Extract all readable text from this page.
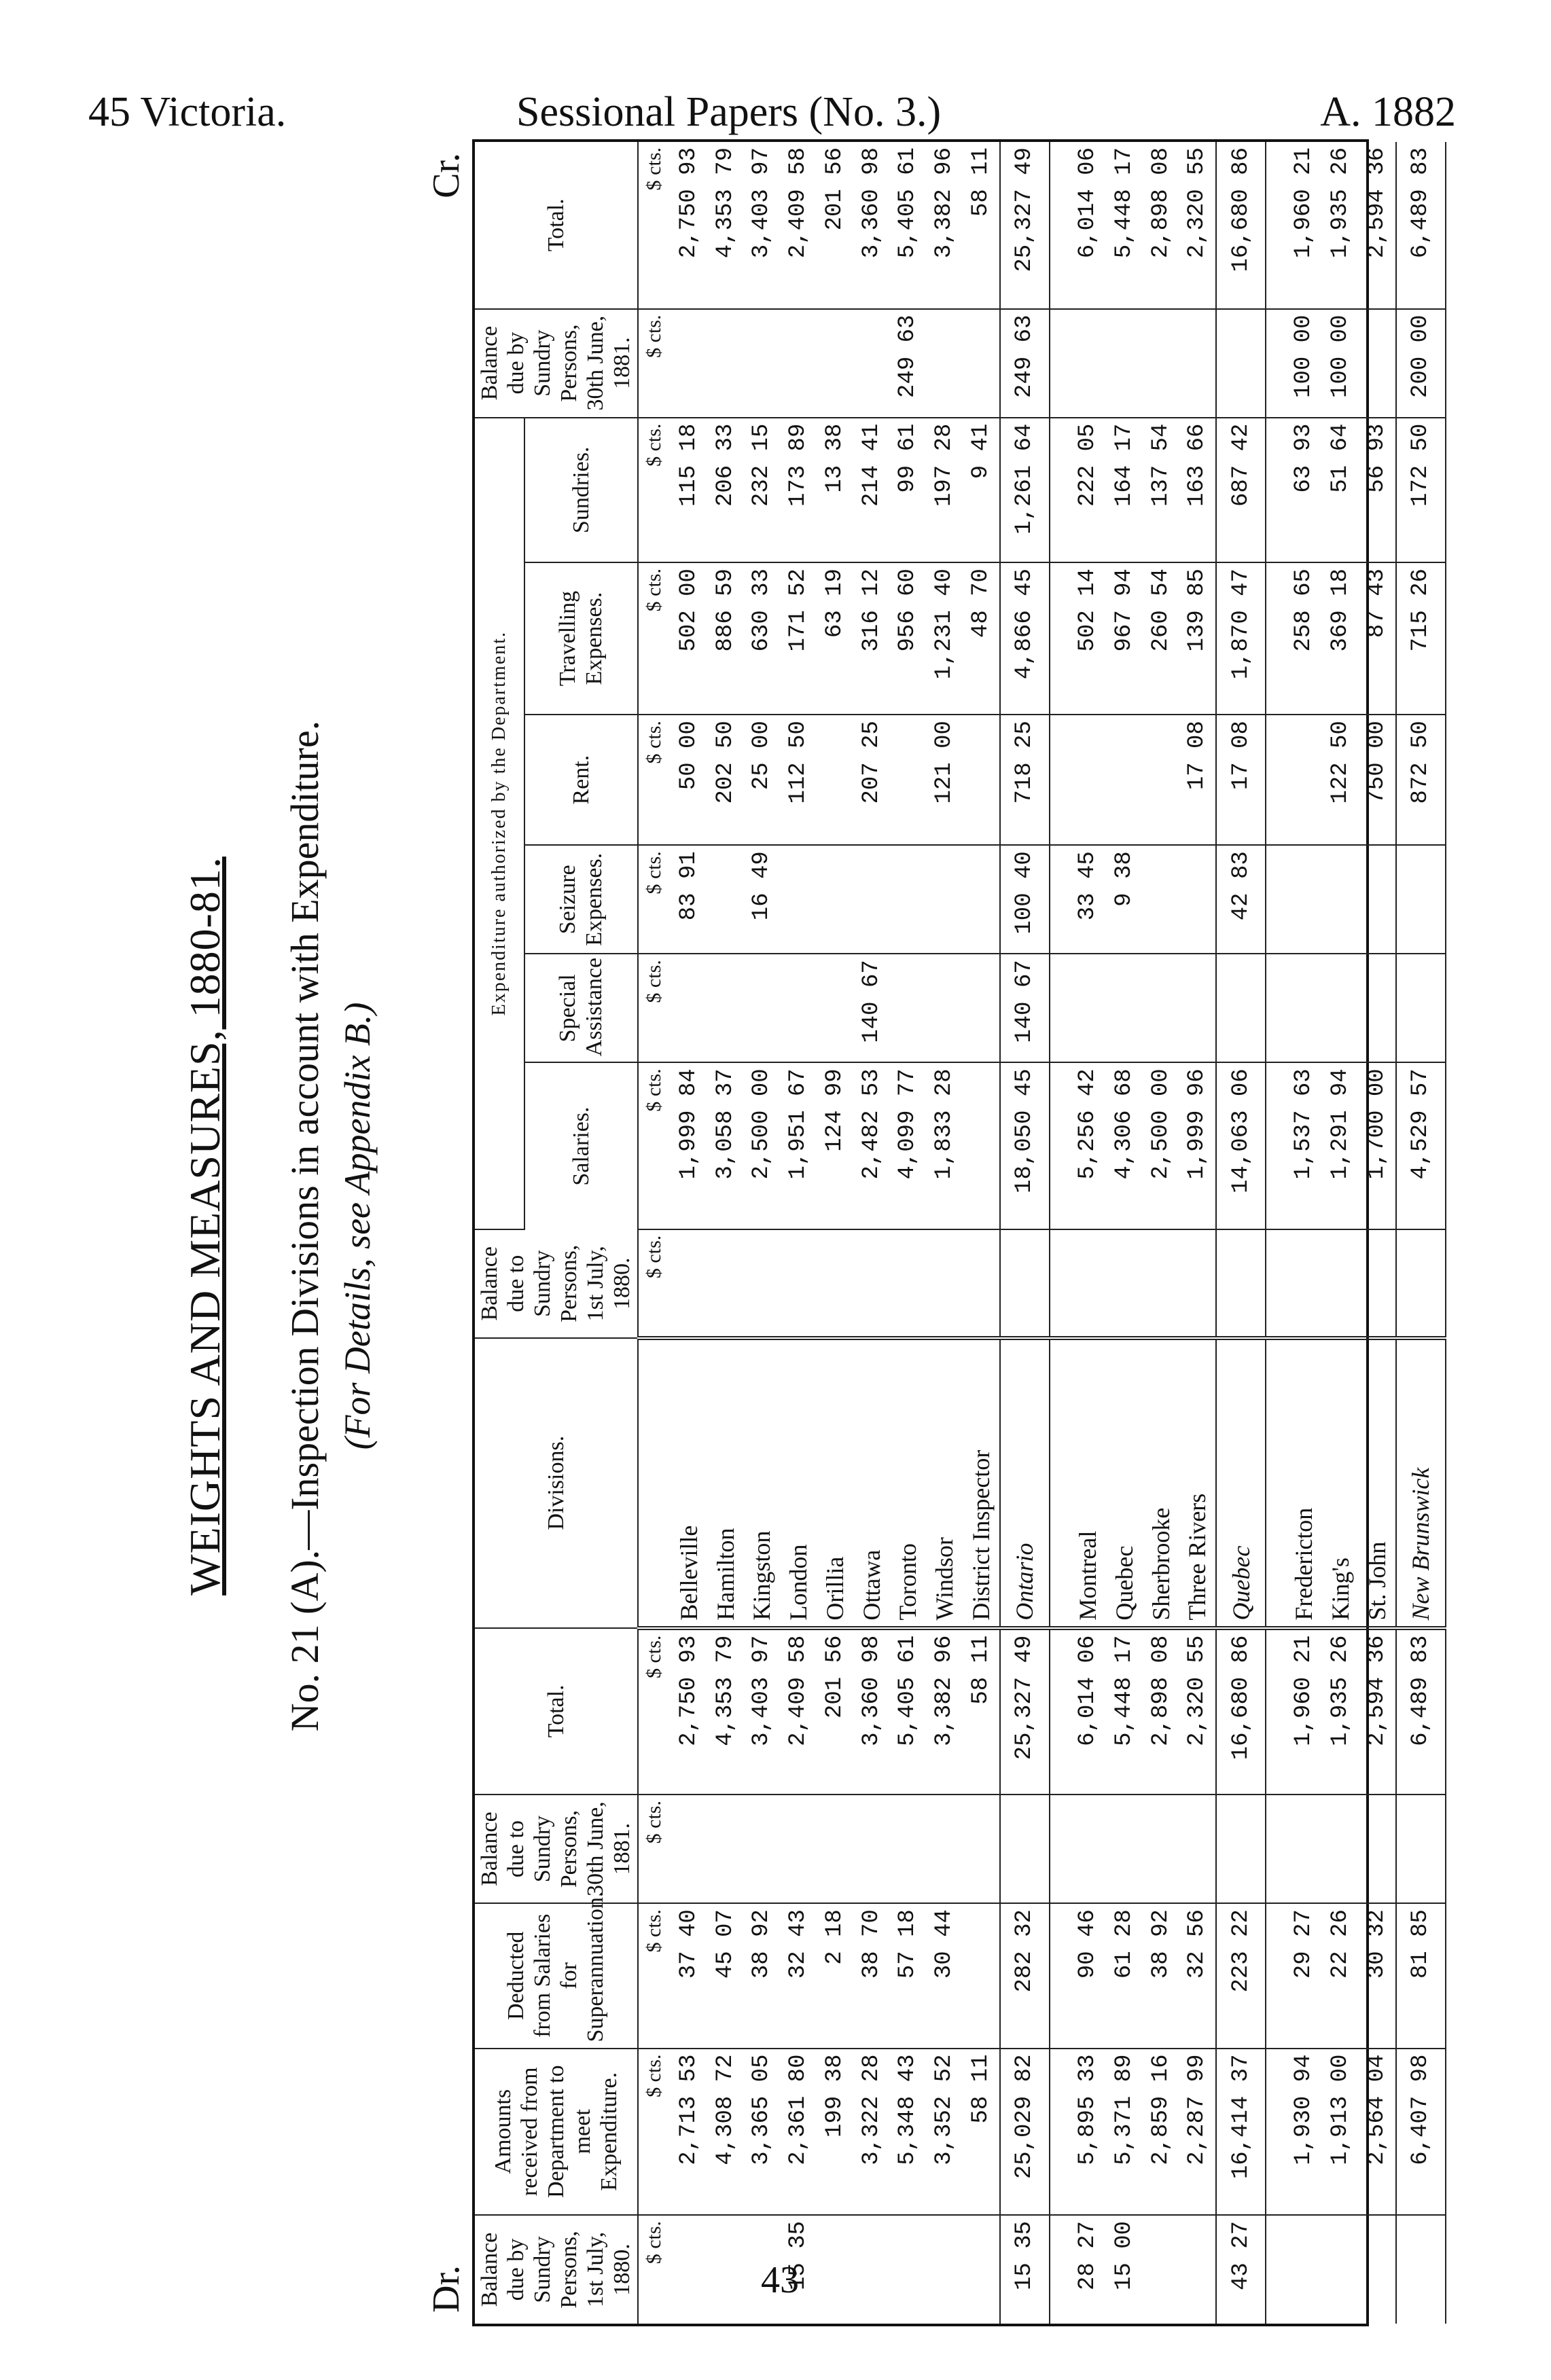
45 Victoria.	Sessional Papers (No. 3.)	A. 1882
WEIGHTS AND MEASURES, 1880-81. No. 21 (A).—Inspection Divisions in account with Expenditure. (For Details, see Appendix B.)
Dr.
Cr.
Balance due by Sundry Persons, 1st July, 1880.	Amounts received from Department to meet Expenditure.	Deducted from Salaries for Superannuation.	Balance due to Sundry Persons, 30th June, 1881.	Total.	Divisions.	Balance due to Sundry Persons, 1st July, 1880.	Expenditure authorized by the Department.						Balance due by Sundry Persons, 30th June, 1881.	Total.
							Salaries.	Special Assistance	Seizure Expenses.	Rent.	Travelling Expenses.	Sundries.		
$ cts.	$ cts.	$ cts.	$ cts.	$ cts.		$ cts.	$ cts.	$ cts.	$ cts.	$ cts.	$ cts.	$ cts.	$ cts.	$ cts.
	2,713 53	37 40		2,750 93	Belleville		1,999 84		83 91	50 00	502 00	115 18		2,750 93
	4,308 72	45 07		4,353 79	Hamilton		3,058 37			202 50	886 59	206 33		4,353 79
	3,365 05	38 92		3,403 97	Kingston		2,500 00		16 49	25 00	630 33	232 15		3,403 97
15 35	2,361 80	32 43		2,409 58	London		1,951 67			112 50	171 52	173 89		2,409 58
	199 38	2 18		201 56	Orillia		124 99				63 19	13 38		201 56
	3,322 28	38 70		3,360 98	Ottawa		2,482 53	140 67		207 25	316 12	214 41		3,360 98
	5,348 43	57 18		5,405 61	Toronto		4,099 77				956 60	99 61	249 63	5,405 61
	3,352 52	30 44		3,382 96	Windsor		1,833 28			121 00	1,231 40	197 28		3,382 96
	58 11			58 11	District Inspector						48 70	9 41		58 11
15 35	25,029 82	282 32		25,327 49	Ontario		18,050 45	140 67	100 40	718 25	4,866 45	1,261 64	249 63	25,327 49

28 27	5,895 33	90 46		6,014 06	Montreal		5,256 42		33 45		502 14	222 05		6,014 06
15 00	5,371 89	61 28		5,448 17	Quebec		4,306 68		9 38		967 94	164 17		5,448 17
	2,859 16	38 92		2,898 08	Sherbrooke		2,500 00				260 54	137 54		2,898 08
	2,287 99	32 56		2,320 55	Three Rivers		1,999 96			17 08	139 85	163 66		2,320 55
43 27	16,414 37	223 22		16,680 86	Quebec		14,063 06		42 83	17 08	1,870 47	687 42		16,680 86

	1,930 94	29 27		1,960 21	Fredericton		1,537 63				258 65	63 93	100 00	1,960 21
	1,913 00	22 26		1,935 26	King's		1,291 94			122 50	369 18	51 64	100 00	1,935 26
	2,564 04	30 32		2,594 36	St. John		1,700 00			750 00	87 43	56 93		2,594 36
	6,407 98	81 85		6,489 83	New Brunswick		4,529 57			872 50	715 26	172 50	200 00	6,489 83
43
